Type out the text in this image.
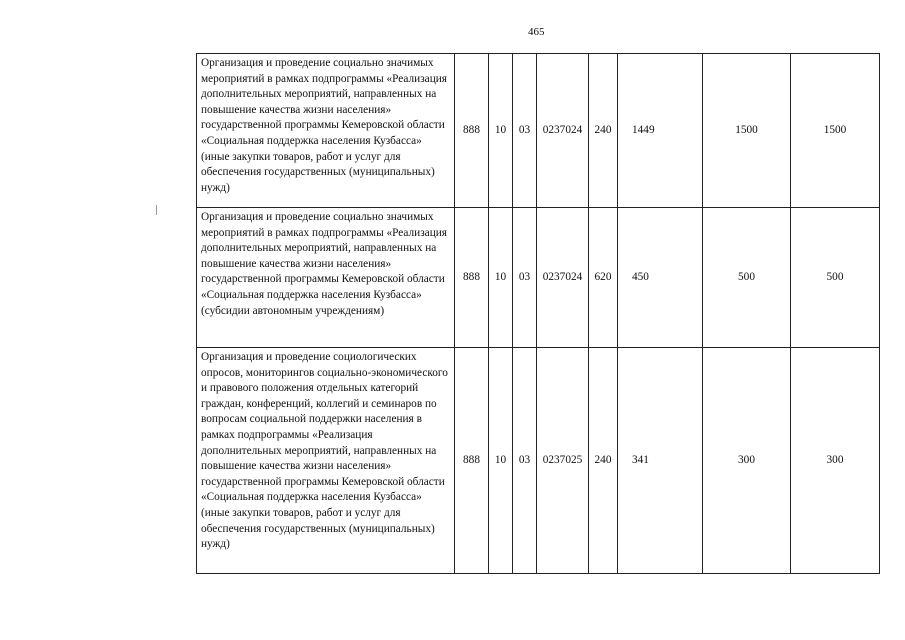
465
Организация и проведение социально значимых мероприятий в рамках подпрограммы «Реализация дополнительных мероприятий, направленных на повышение качества жизни населения» государственной программы Кемеровской области «Социальная поддержка населения Кузбасса» (иные закупки товаров, работ и услуг для обеспечения государственных (муниципальных) нужд)	888	10	03	0237024	240	1449	1500	1500
Организация и проведение социально значимых мероприятий в рамках подпрограммы «Реализация дополнительных мероприятий, направленных на повышение качества жизни населения» государственной программы Кемеровской области «Социальная поддержка населения Кузбасса» (субсидии автономным учреждениям)	888	10	03	0237024	620	450	500	500
Организация и проведение социологических опросов, мониторингов социально-экономического и правового положения отдельных категорий граждан, конференций, коллегий и семинаров по вопросам социальной поддержки населения в рамках подпрограммы «Реализация дополнительных мероприятий, направленных на повышение качества жизни населения» государственной программы Кемеровской области «Социальная поддержка населения Кузбасса» (иные закупки товаров, работ и услуг для обеспечения государственных (муниципальных) нужд)	888	10	03	0237025	240	341	300	300
